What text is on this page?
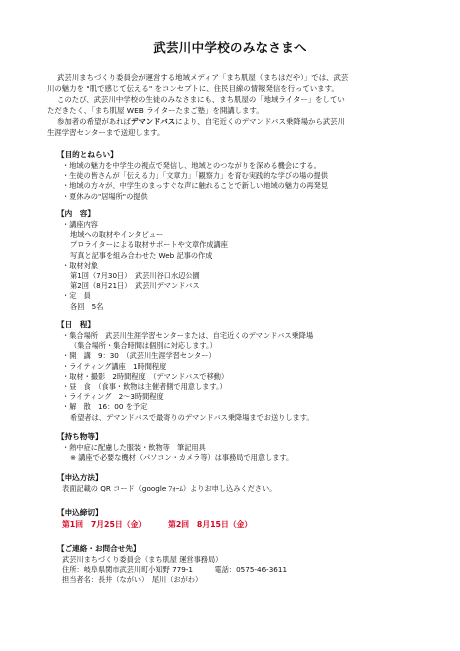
武芸川中学校のみなさまへ

武芸川まちづくり委員会が運営する地域メディア「まち肌屋（まちはだや）」では、武芸

川の魅力を "肌で感じて伝える" をコンセプトに、住民目線の情報発信を行っています。

このたび、武芸川中学校の生徒のみなさまにも、まち肌屋の「地域ライター」をしてい

ただきたく、「まち肌屋 WEB ライターたまご塾」を開講します。

参加者の希望があればデマンドバスにより、自宅近くのデマンドバス乗降場から武芸川

生涯学習センターまで送迎します。

【目的とねらい】
・地域の魅力を中学生の視点で発信し、地域とのつながりを深める機会にする。
・生徒の皆さんが「伝える力」「文章力」「観察力」を育む実践的な学びの場の提供
・地域の方々が、中学生のまっすぐな声に触れることで新しい地域の魅力の再発見
・夏休みの"居場所"の提供
【内　容】
・講座内容
地域への取材やインタビュー
プロライターによる取材サポートや文章作成講座
写真と記事を組み合わせた Web 記事の作成
・取材対象
第1回（7月30日）　武芸川谷口水辺公園
第2回（8月21日）　武芸川デマンドバス
・定　員
各回　5名
【日　程】
・集合場所　武芸川生涯学習センターまたは、自宅近くのデマンドバス乗降場
（集合場所・集合時間は個別に対応します。）
・開　講　9：30　（武芸川生涯学習センター）
・ライティング講座　1時間程度
・取材・撮影　2時間程度　（デマンドバスで移動）
・昼　食　（食事・飲物は主催者側で用意します。）
・ライティング　2～3時間程度
・解　散　16：00 を予定
希望者は、デマンドバスで最寄りのデマンドバス乗降場までお送りします。
【持ち物等】
・熱中症に配慮した服装・飲物等　筆記用具
※ 講座で必要な機材（パソコン・カメラ等）は事務局で用意します。
【申込方法】
表面記載の QR コード（google ﾌｫｰﾑ）よりお申し込みください。
【申込締切】
第1回　7月25日（金）	第2回　8月15日（金）
【ご連絡・お問合せ先】
武芸川まちづくり委員会（まち肌屋 運営事務局）
住所：岐阜県関市武芸川町小知野 779-1　　　電話：0575-46-3611
担当者名：長井（ながい）　尾川（おがわ）
